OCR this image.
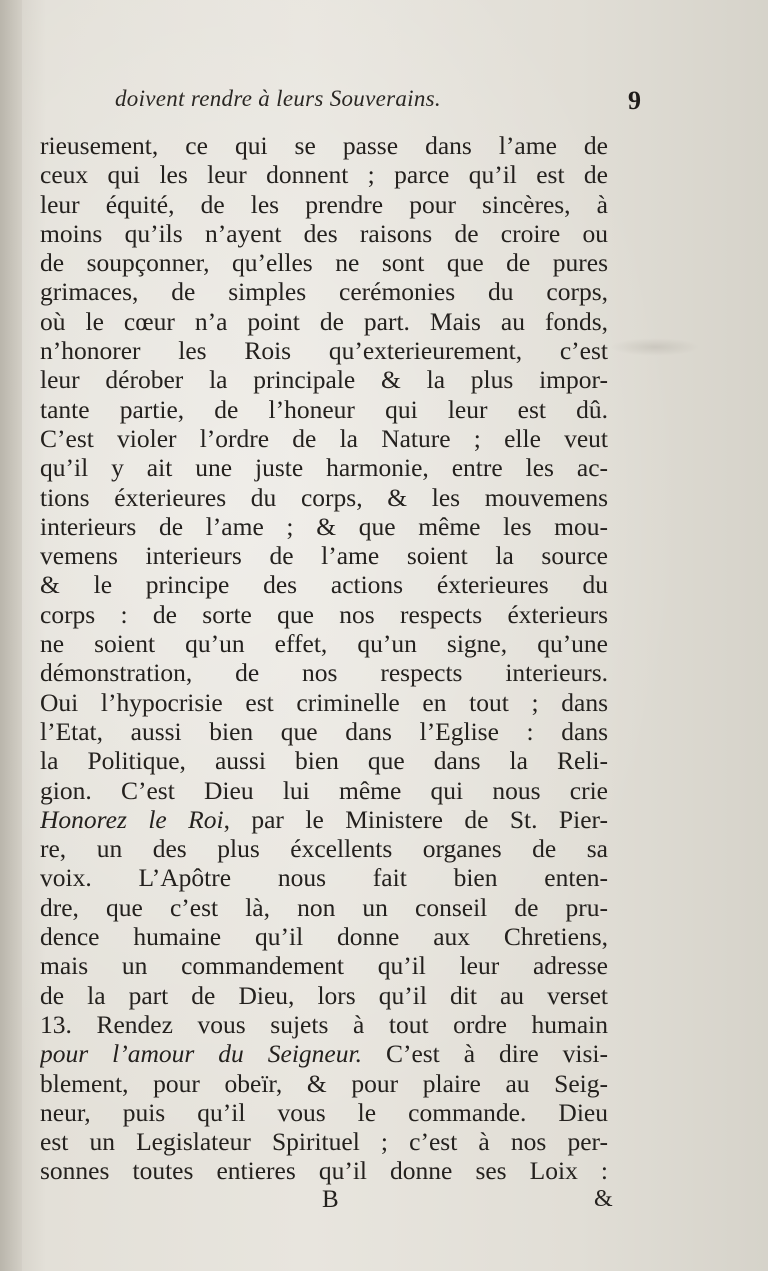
doivent rendre à leurs Souverains.	9
rieusement, ce qui se passe dans l’ame de
ceux qui les leur donnent ; parce qu’il est de
leur équité, de les prendre pour sincères, à
moins qu’ils n’ayent des raisons de croire ou
de soupçonner, qu’elles ne sont que de pures
grimaces, de simples cerémonies du corps,
où le cœur n’a point de part. Mais au fonds,
n’honorer les Rois qu’exterieurement, c’est
leur dérober la principale & la plus impor-
tante partie, de l’honeur qui leur est dû.
C’est violer l’ordre de la Nature ; elle veut
qu’il y ait une juste harmonie, entre les ac-
tions éxterieures du corps, & les mouvemens
interieurs de l’ame ; & que même les mou-
vemens interieurs de l’ame soient la source
& le principe des actions éxterieures du
corps : de sorte que nos respects éxterieurs
ne soient qu’un effet, qu’un signe, qu’une
démonstration, de nos respects interieurs.
Oui l’hypocrisie est criminelle en tout ; dans
l’Etat, aussi bien que dans l’Eglise : dans
la Politique, aussi bien que dans la Reli-
gion. C’est Dieu lui même qui nous crie
Honorez le Roi, par le Ministere de St. Pier-
re, un des plus éxcellents organes de sa
voix. L’Apôtre nous fait bien enten-
dre, que c’est là, non un conseil de pru-
dence humaine qu’il donne aux Chretiens,
mais un commandement qu’il leur adresse
de la part de Dieu, lors qu’il dit au verset
13. Rendez vous sujets à tout ordre humain
pour l’amour du Seigneur. C’est à dire visi-
blement, pour obeïr, & pour plaire au Seig-
neur, puis qu’il vous le commande. Dieu
est un Legislateur Spirituel ; c’est à nos per-
sonnes toutes entieres qu’il donne ses Loix :
B	&
